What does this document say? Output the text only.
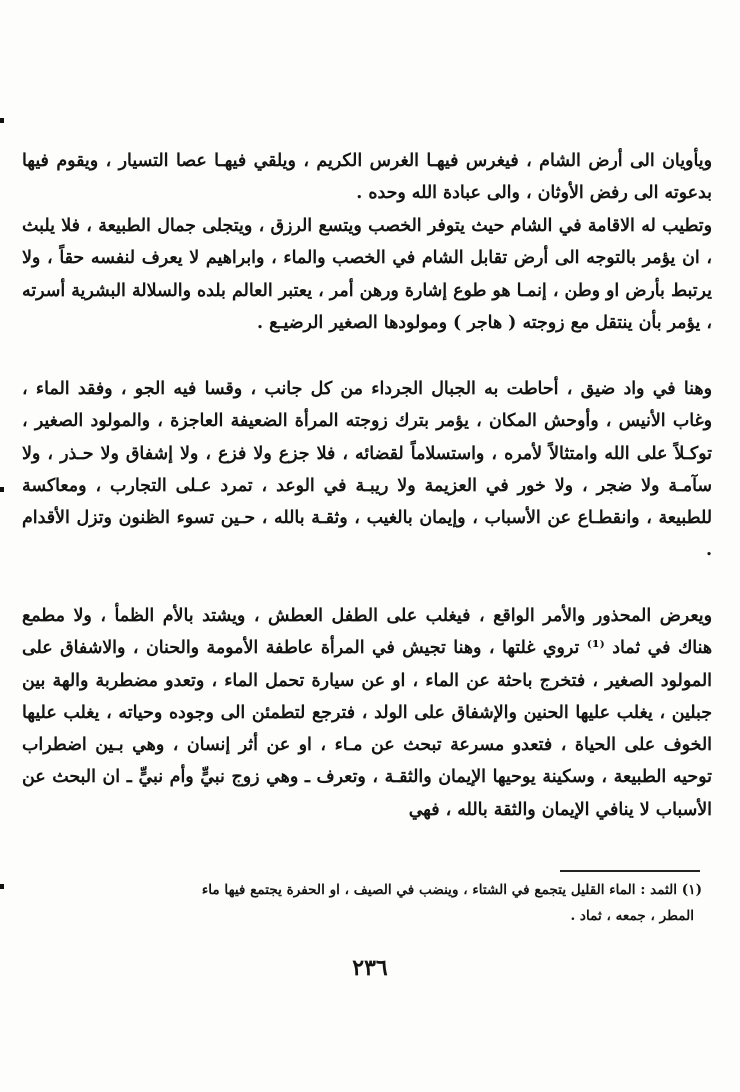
ويأويان الى أرض الشام ، فيغرس فيهـا الغرس الكريم ، ويلقي فيهـا عصا التسيار ، ويقوم فيها بدعوته الى رفض الأوثان ، والى عبادة الله وحده .

وتطيب له الاقامة في الشام حيث يتوفر الخصب ويتسع الرزق ، ويتجلى جمال الطبيعة ، فلا يلبث ، ان يؤمر بالتوجه الى أرض تقابل الشام في الخصب والماء ، وابراهيم لا يعرف لنفسه حقاً ، ولا يرتبط بأرض او وطن ، إنمـا هو طوع إشارة ورهن أمر ، يعتبر العالم بلده والسلالة البشرية أسرته ، يؤمر بأن ينتقل مع زوجته ( هاجر ) ومولودها الصغير الرضيـع .

وهنا في واد ضيق ، أحاطت به الجبال الجرداء من كل جانب ، وقسا فيه الجو ، وفقد الماء ، وغاب الأنيس ، وأوحش المكان ، يؤمر بترك زوجته المرأة الضعيفة العاجزة ، والمولود الصغير ، توكـلاً على الله وامتثالاً لأمره ، واستسلاماً لقضائه ، فلا جزع ولا فزع ، ولا إشفاق ولا حـذر ، ولا سآمـة ولا ضجر ، ولا خور في العزيمة ولا ريبـة في الوعد ، تمرد عـلى التجارب ، ومعاكسة للطبيعة ، وانقطـاع عن الأسباب ، وإيمان بالغيب ، وثقـة بالله ، حـين تسوء الظنون وتزل الأقدام .

ويعرض المحذور والأمر الواقع ، فيغلب على الطفل العطش ، ويشتد بالأم الظمأ ، ولا مطمع هناك في ثماد ⁽¹⁾ تروي غلتها ، وهنا تجيش في المرأة عاطفة الأمومة والحنان ، والاشفاق على المولود الصغير ، فتخرج باحثة عن الماء ، او عن سيارة تحمل الماء ، وتعدو مضطربة والهة بين جبلين ، يغلب عليها الحنين والإشفاق على الولد ، فترجع لتطمئن الى وجوده وحياته ، يغلب عليها الخوف على الحياة ، فتعدو مسرعة تبحث عن مـاء ، او عن أثر إنسان ، وهي بـين اضطراب توحيه الطبيعة ، وسكينة يوحيها الإيمان والثقـة ، وتعرف ـ وهي زوج نبيٍّ وأم نبيٍّ ـ ان البحث عن الأسباب لا ينافي الإيمان والثقة بالله ، فهي

(١) الثمد : الماء القليل يتجمع في الشتاء ، وينضب في الصيف ، او الحفرة يجتمع فيها ماء

المطر ، جمعه ، ثماد .

٢٣٦
